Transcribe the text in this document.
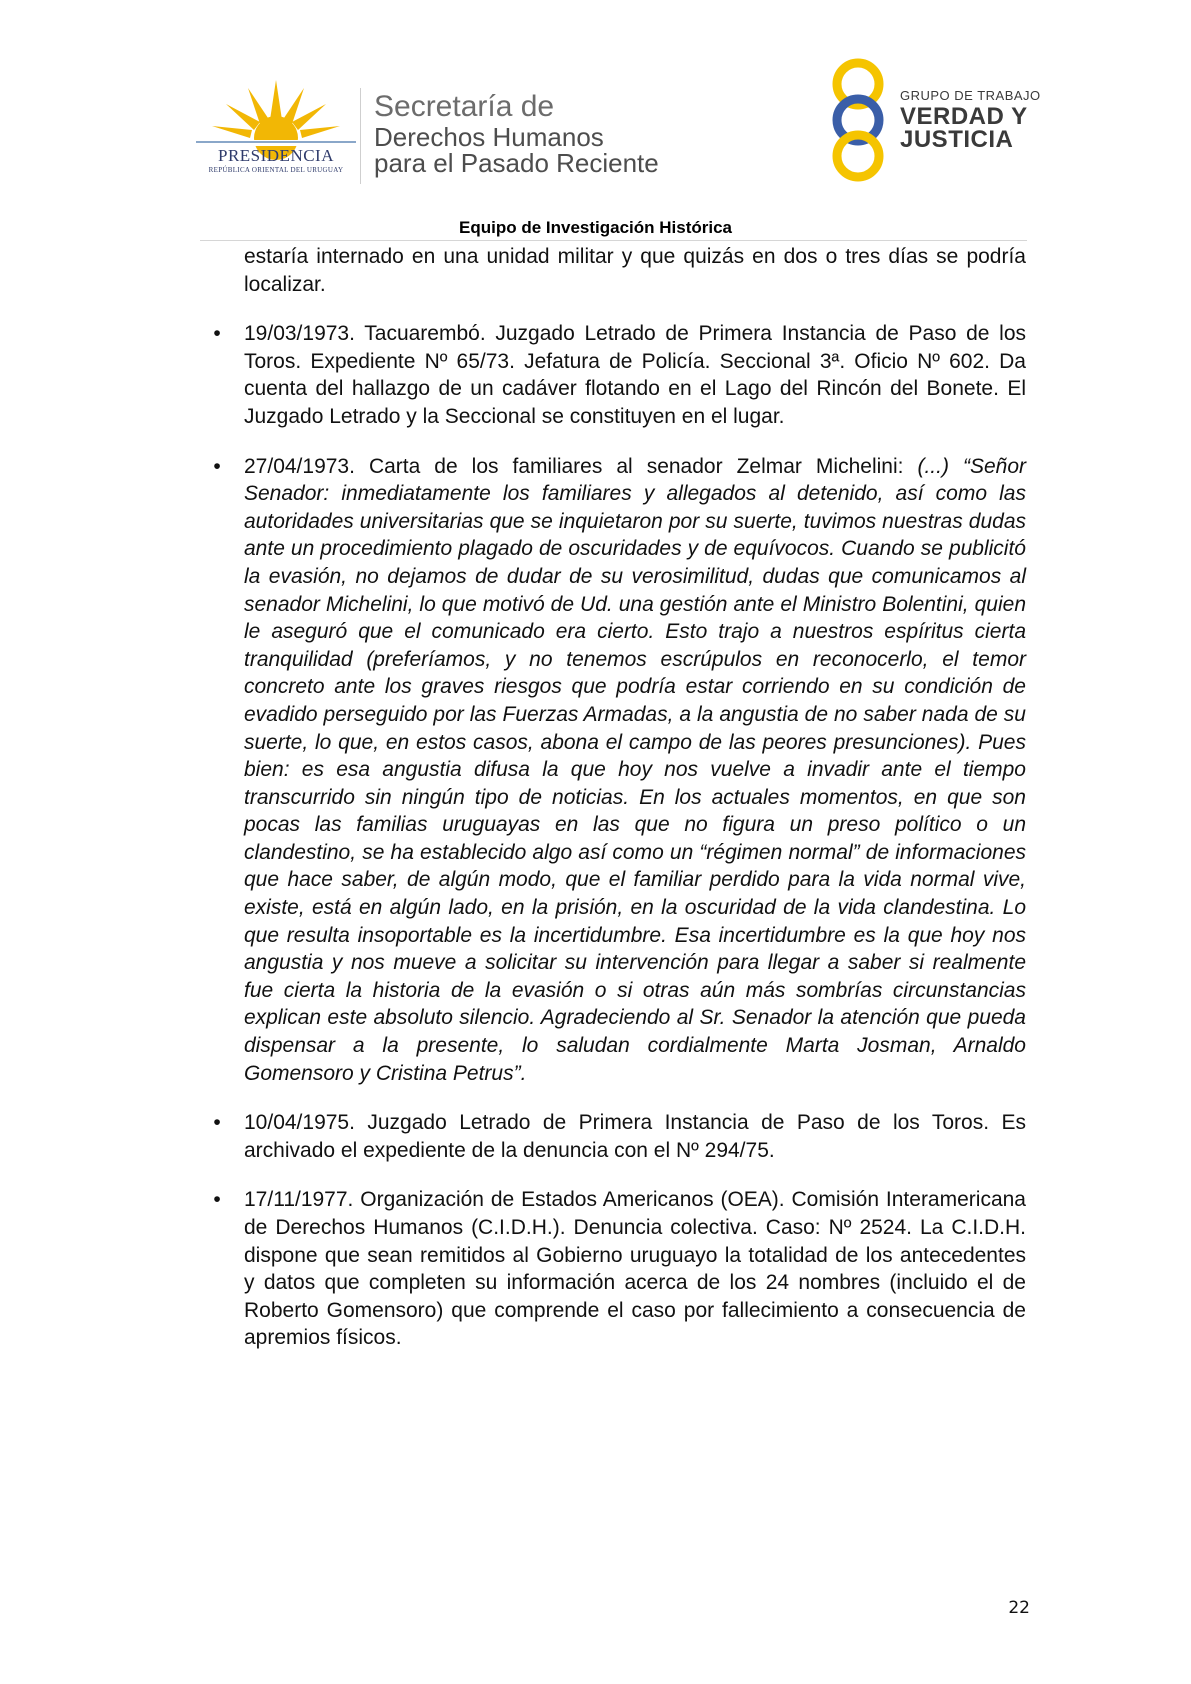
PRESIDENCIA
REPÚBLICA ORIENTAL DEL URUGUAY
Secretaría de
Derechos Humanos
para el Pasado Reciente
GRUPO DE TRABAJO
VERDAD Y
JUSTICIA
Equipo de Investigación Histórica

estaría internado en una unidad militar y que quizás en dos o tres días se podría localizar.

• 19/03/1973. Tacuarembó. Juzgado Letrado de Primera Instancia de Paso de los Toros. Expediente Nº 65/73. Jefatura de Policía. Seccional 3ª. Oficio Nº 602. Da cuenta del hallazgo de un cadáver flotando en el Lago del Rincón del Bonete. El Juzgado Letrado y la Seccional se constituyen en el lugar.

• 27/04/1973. Carta de los familiares al senador Zelmar Michelini: (...) “Señor Senador: inmediatamente los familiares y allegados al detenido, así como las autoridades universitarias que se inquietaron por su suerte, tuvimos nuestras dudas ante un procedimiento plagado de oscuridades y de equívocos. Cuando se publicitó la evasión, no dejamos de dudar de su verosimilitud, dudas que comunicamos al senador Michelini, lo que motivó de Ud. una gestión ante el Ministro Bolentini, quien le aseguró que el comunicado era cierto. Esto trajo a nuestros espíritus cierta tranquilidad (preferíamos, y no tenemos escrúpulos en reconocerlo, el temor concreto ante los graves riesgos que podría estar corriendo en su condición de evadido perseguido por las Fuerzas Armadas, a la angustia de no saber nada de su suerte, lo que, en estos casos, abona el campo de las peores presunciones). Pues bien: es esa angustia difusa la que hoy nos vuelve a invadir ante el tiempo transcurrido sin ningún tipo de noticias. En los actuales momentos, en que son pocas las familias uruguayas en las que no figura un preso político o un clandestino, se ha establecido algo así como un “régimen normal” de informaciones que hace saber, de algún modo, que el familiar perdido para la vida normal vive, existe, está en algún lado, en la prisión, en la oscuridad de la vida clandestina. Lo que resulta insoportable es la incertidumbre. Esa incertidumbre es la que hoy nos angustia y nos mueve a solicitar su intervención para llegar a saber si realmente fue cierta la historia de la evasión o si otras aún más sombrías circunstancias explican este absoluto silencio. Agradeciendo al Sr. Senador la atención que pueda dispensar a la presente, lo saludan cordialmente Marta Josman, Arnaldo Gomensoro y Cristina Petrus”.

• 10/04/1975. Juzgado Letrado de Primera Instancia de Paso de los Toros. Es archivado el expediente de la denuncia con el Nº 294/75.

• 17/11/1977. Organización de Estados Americanos (OEA). Comisión Interamericana de Derechos Humanos (C.I.D.H.). Denuncia colectiva. Caso: Nº 2524. La C.I.D.H. dispone que sean remitidos al Gobierno uruguayo la totalidad de los antecedentes y datos que completen su información acerca de los 24 nombres (incluido el de Roberto Gomensoro) que comprende el caso por fallecimiento a consecuencia de apremios físicos.

22
